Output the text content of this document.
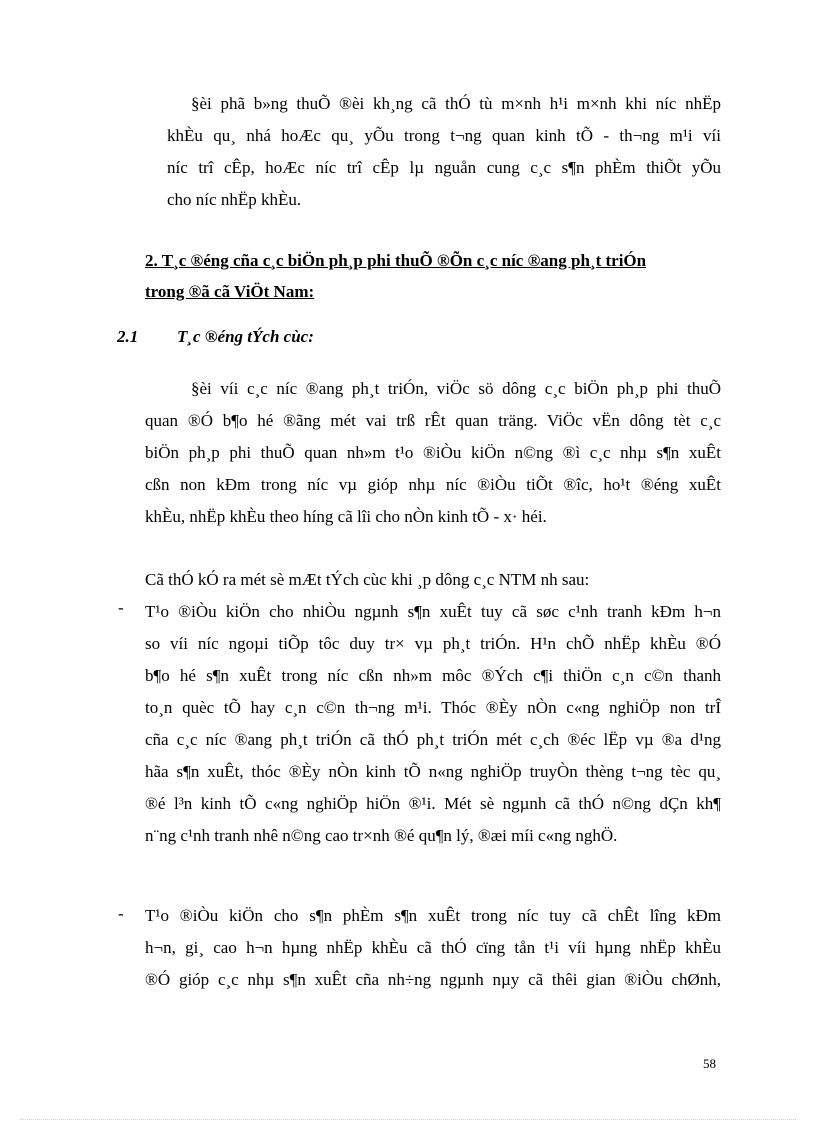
§èi phã b»ng thuÕ ®èi kh¸ng cã thÓ tù m×nh h¹i m×nh khi níc nhËp

khÈu qu¸ nhá hoÆc qu¸ yÕu trong t¬ng quan kinh tÕ - th¬ng m¹i víi

níc trî cÊp, hoÆc níc trî cÊp lµ nguån cung c¸c s¶n phÈm thiÕt yÕu

cho níc nhËp khÈu.

2. T¸c ®éng cña c¸c biÖn ph¸p phi thuÕ ®Õn c¸c níc ®ang ph¸t triÓn

trong ®ã cã ViÖt Nam:

2.1 T¸c ®éng tÝch cùc:

§èi víi c¸c níc ®ang ph¸t triÓn, viÖc sö dông c¸c biÖn ph¸p phi thuÕ

quan ®Ó b¶o hé ®ãng mét vai trß rÊt quan träng. ViÖc vËn dông tèt c¸c

biÖn ph¸p phi thuÕ quan nh»m t¹o ®iÒu kiÖn n©ng ®ì c¸c nhµ s¶n xuÊt

cßn non kÐm trong níc vµ gióp nhµ níc ®iÒu tiÕt ®îc, ho¹t ®éng xuÊt

khÈu, nhËp khÈu theo híng cã lîi cho nÒn kinh tÕ - x· héi.

Cã thÓ kÓ ra mét sè mÆt tÝch cùc khi ¸p dông c¸c NTM nh sau:

- T¹o ®iÒu kiÖn cho nhiÒu ngµnh s¶n xuÊt tuy cã søc c¹nh tranh kÐm h¬n

so víi níc ngoµi tiÕp tôc duy tr× vµ ph¸t triÓn. H¹n chÕ nhËp khÈu ®Ó

b¶o hé s¶n xuÊt trong níc cßn nh»m môc ®Ých c¶i thiÖn c¸n c©n thanh

to¸n quèc tÕ hay c¸n c©n th¬ng m¹i. Thóc ®Èy nÒn c«ng nghiÖp non trÎ

cña c¸c níc ®ang ph¸t triÓn cã thÓ ph¸t triÓn mét c¸ch ®éc lËp vµ ®a d¹ng

hãa s¶n xuÊt, thóc ®Èy nÒn kinh tÕ n«ng nghiÖp truyÒn thèng t¬ng tèc qu¸

®é l³n kinh tÕ c«ng nghiÖp hiÖn ®¹i. Mét sè ngµnh cã thÓ n©ng dÇn kh¶

n¨ng c¹nh tranh nhê n©ng cao tr×nh ®é qu¶n lý, ®æi míi c«ng nghÖ.

- T¹o ®iÒu kiÖn cho s¶n phÈm s¶n xuÊt trong níc tuy cã chÊt lîng kÐm

h¬n, gi¸ cao h¬n hµng nhËp khÈu cã thÓ cïng tån t¹i víi hµng nhËp khÈu

®Ó gióp c¸c nhµ s¶n xuÊt cña nh÷ng ngµnh nµy cã thêi gian ®iÒu chØnh,

58
